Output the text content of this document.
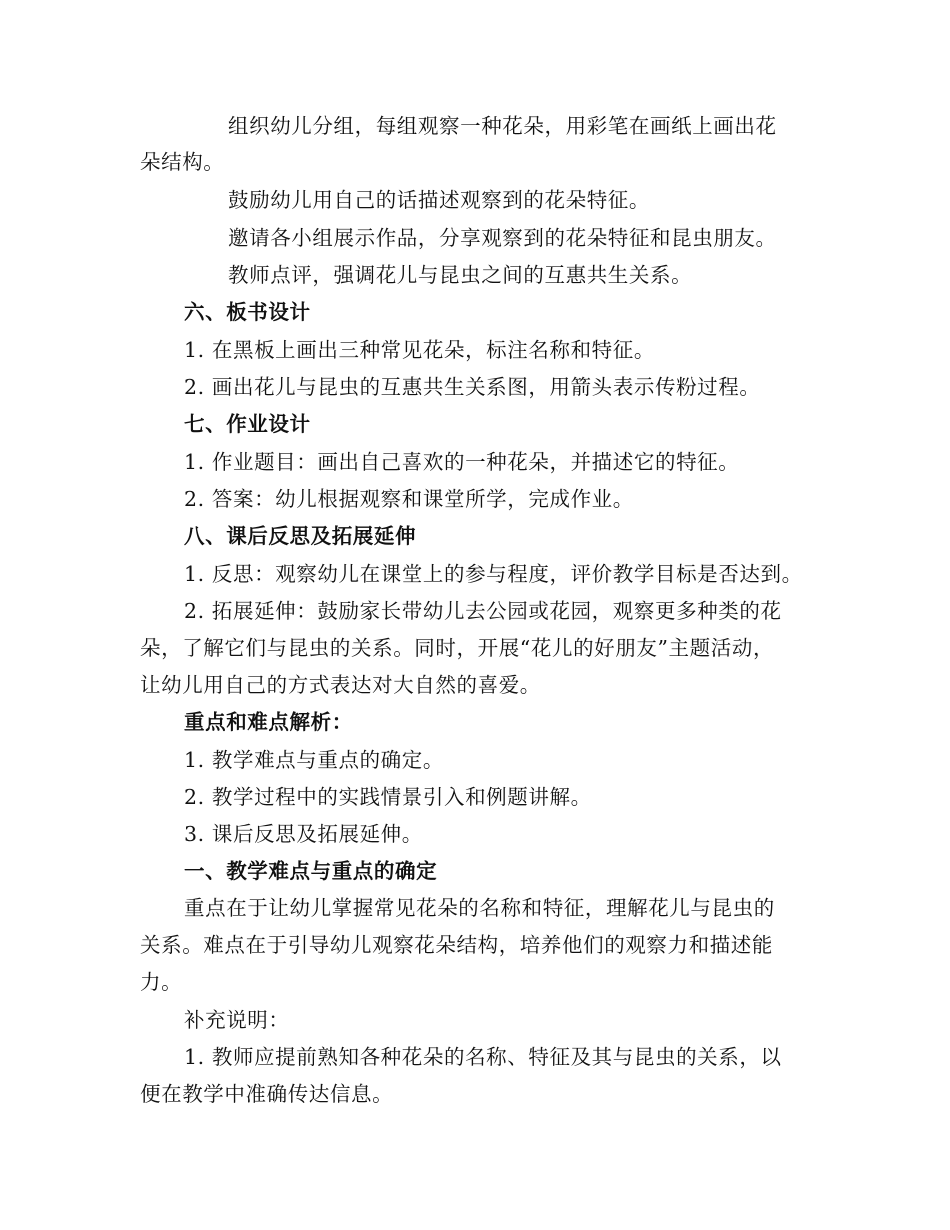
组织幼儿分组，每组观察一种花朵，用彩笔在画纸上画出花
朵结构。
鼓励幼儿用自己的话描述观察到的花朵特征。
邀请各小组展示作品，分享观察到的花朵特征和昆虫朋友。
教师点评，强调花儿与昆虫之间的互惠共生关系。
六、板书设计
1. 在黑板上画出三种常见花朵，标注名称和特征。
2. 画出花儿与昆虫的互惠共生关系图，用箭头表示传粉过程。
七、作业设计
1. 作业题目：画出自己喜欢的一种花朵，并描述它的特征。
2. 答案：幼儿根据观察和课堂所学，完成作业。
八、课后反思及拓展延伸
1. 反思：观察幼儿在课堂上的参与程度，评价教学目标是否达到。
2. 拓展延伸：鼓励家长带幼儿去公园或花园，观察更多种类的花
朵，了解它们与昆虫的关系。同时，开展“花儿的好朋友”主题活动，
让幼儿用自己的方式表达对大自然的喜爱。
重点和难点解析：
1. 教学难点与重点的确定。
2. 教学过程中的实践情景引入和例题讲解。
3. 课后反思及拓展延伸。
一、教学难点与重点的确定
重点在于让幼儿掌握常见花朵的名称和特征，理解花儿与昆虫的
关系。难点在于引导幼儿观察花朵结构，培养他们的观察力和描述能
力。
补充说明：
1. 教师应提前熟知各种花朵的名称、特征及其与昆虫的关系，以
便在教学中准确传达信息。
